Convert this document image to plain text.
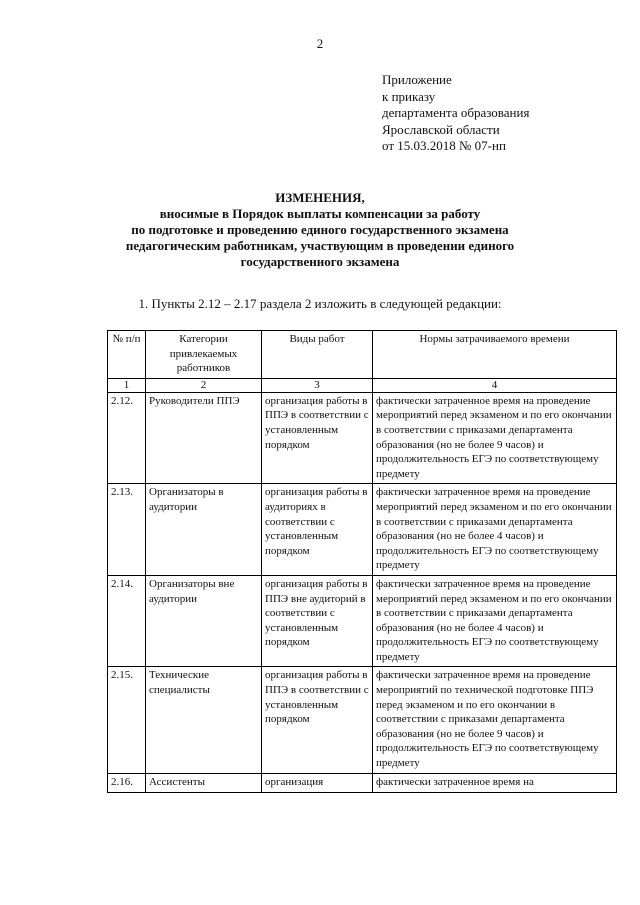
2
Приложение
к приказу
департамента образования
Ярославской области
от 15.03.2018 № 07-нп
ИЗМЕНЕНИЯ,
вносимые в Порядок выплаты компенсации за работу
по подготовке и проведению единого государственного экзамена
педагогическим работникам, участвующим в проведении единого
государственного экзамена
1. Пункты 2.12 – 2.17 раздела 2 изложить в следующей редакции:
№ п/п	Категории привлекаемых работников	Виды работ	Нормы затрачиваемого времени
1	2	3	4
2.12.	Руководители ППЭ	организация работы в ППЭ в соответствии с установленным порядком	фактически затраченное время на проведение мероприятий перед экзаменом и по его окончании в соответствии с приказами департамента образования (но не более 9 часов) и продолжительность ЕГЭ по соответствующему предмету
2.13.	Организаторы в аудитории	организация работы в аудиториях в соответствии с установленным порядком	фактически затраченное время на проведение мероприятий перед экзаменом и по его окончании в соответствии с приказами департамента образования (но не более 4 часов) и продолжительность ЕГЭ по соответствующему предмету
2.14.	Организаторы вне аудитории	организация работы в ППЭ вне аудиторий в соответствии с установленным порядком	фактически затраченное время на проведение мероприятий перед экзаменом и по его окончании в соответствии с приказами департамента образования (но не более 4 часов) и продолжительность ЕГЭ по соответствующему предмету
2.15.	Технические специалисты	организация работы в ППЭ в соответствии с установленным порядком	фактически затраченное время на проведение мероприятий по технической подготовке ППЭ перед экзаменом и по его окончании в соответствии с приказами департамента образования (но не более 9 часов) и продолжительность ЕГЭ по соответствующему предмету
2.16.	Ассистенты	организация	фактически затраченное время на
